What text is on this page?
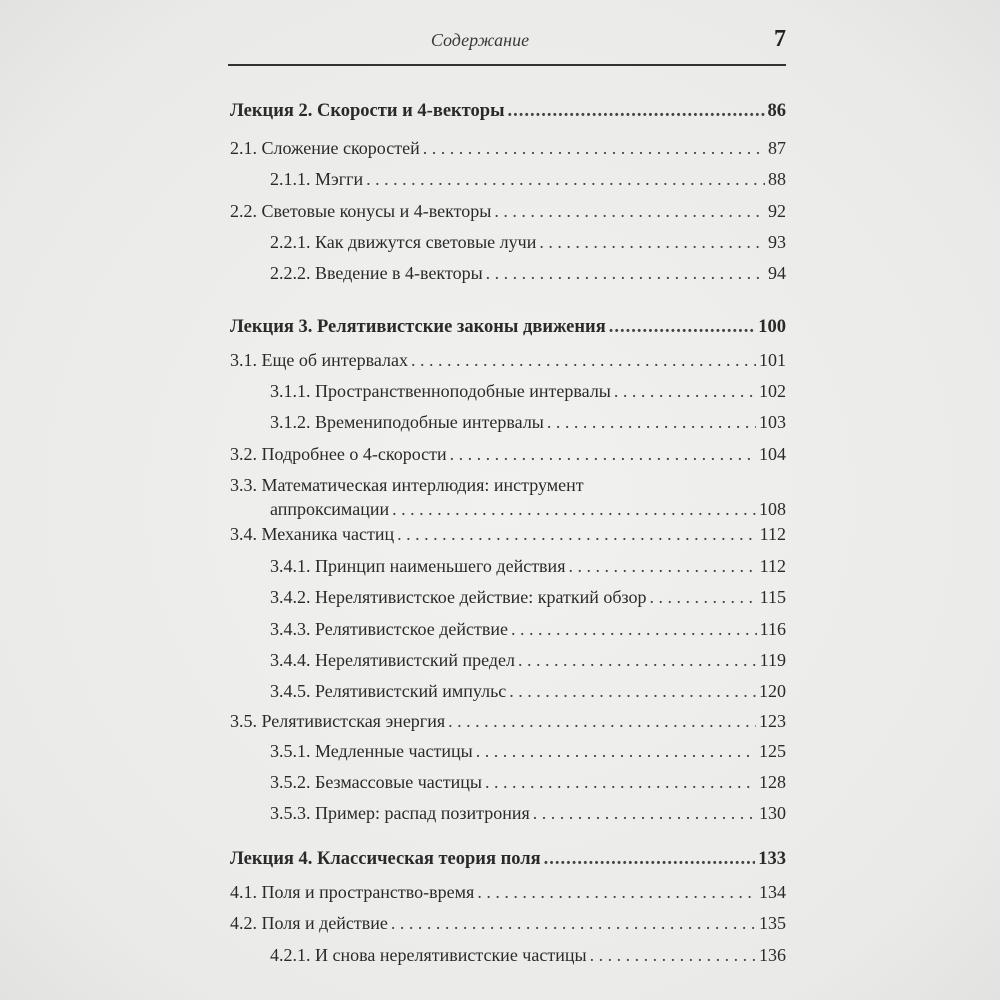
Содержание	7
Лекция 2. Скорости и 4-векторы .....	86
2.1. Сложение скоростей . . .	87
2.1.1. Мэгги . . .	88
2.2. Световые конусы и 4-векторы . . .	92
2.2.1. Как движутся световые лучи . . .	93
2.2.2. Введение в 4-векторы . . .	94
Лекция 3. Релятивистские законы движения .....	100
3.1. Еще об интервалах . . .	101
3.1.1. Пространственноподобные интервалы . . .	102
3.1.2. Времениподобные интервалы . . .	103
3.2. Подробнее о 4-скорости . . .	104
3.3. Математическая интерлюдия: инструмент
аппроксимации . . .	108
3.4. Механика частиц . . .	112
3.4.1. Принцип наименьшего действия . . .	112
3.4.2. Нерелятивистское действие: краткий обзор . . .	115
3.4.3. Релятивистское действие . . .	116
3.4.4. Нерелятивистский предел . . .	119
3.4.5. Релятивистский импульс . . .	120
3.5. Релятивистская энергия . . .	123
3.5.1. Медленные частицы . . .	125
3.5.2. Безмассовые частицы . . .	128
3.5.3. Пример: распад позитрония . . .	130
Лекция 4. Классическая теория поля .....	133
4.1. Поля и пространство-время . . .	134
4.2. Поля и действие . . .	135
4.2.1. И снова нерелятивистские частицы . . .	136
